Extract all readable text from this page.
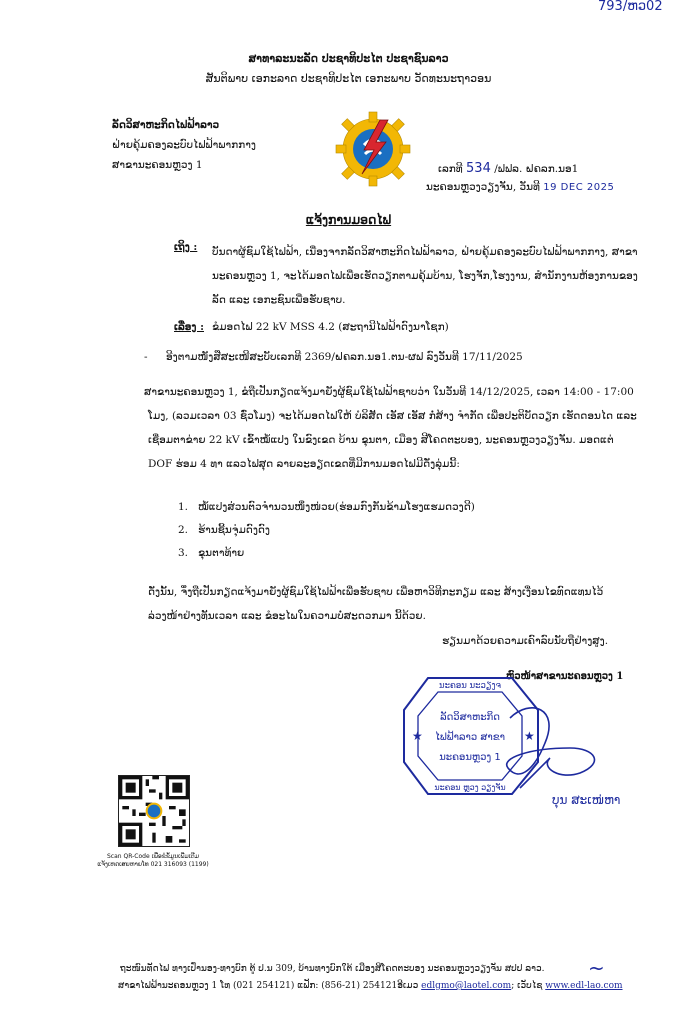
793/ຫວ02
ສາທາລະນະລັດ ປະຊາທິປະໄຕ ປະຊາຊົນລາວ
ສັນຕິພາບ ເອກະລາດ ປະຊາທິປະໄຕ ເອກະພາບ ວັດທະນະຖາວອນ
ລັດວິສາຫະກິດໄຟຟ້າລາວ
ຝ່າຍຄຸ້ມຄອງລະບົບໄຟຟ້າພາກກາງ
ສາຂານະຄອນຫຼວງ 1	ເລກທີ 534 /ຟຟລ. ຝຄລກ.ນອ1
ນະຄອນຫຼວງວຽງຈັນ, ວັນທີ 19 DEC 2025
ແຈ້ງການມອດໄຟ
ເຖິງ : ບັນດາຜູ້ຊົມໃຊ້ໄຟຟ້າ, ເນື່ອງຈາກລັດວິສາຫະກິດໄຟຟ້າລາວ, ຝ່າຍຄຸ້ມຄອງລະບົບໄຟຟ້າພາກກາງ, ສາຂານະຄອນຫຼວງ 1, ຈະໄດ້ມອດໄຟເພື່ອເຮັດວຽກຕາມຄຸ້ມບ້ານ, ໂຮງຈັກ,ໂຮງງານ, ສຳນັກງານຫ້ອງການຂອງລັດ ແລະ ເອກະຊົນເພື່ອຮັບຊາບ.
ເລື່ອງ : ຂໍມອດໄຟ 22 kV MSS 4.2 (ສະຖານີໄຟຟ້າດົງນາໂຊກ)
- ອີງຕາມໜັງສືສະເໜີສະບັບເລກທີ 2369/ຝຄລກ.ນອ1.ຕນ-ຜຟ ລົງວັນທີ 17/11/2025
ສາຂານະຄອນຫຼວງ 1, ຂໍຖືເປັນກຽດແຈ້ງມາຍັງຜູ້ຊົມໃຊ້ໄຟຟ້າຊາບວ່າ ໃນວັນທີ 14/12/2025, ເວລາ 14:00 - 17:00 ໂມງ, (ລວມເວລາ 03 ຊົ່ວໂມງ) ຈະໄດ້ມອດໄຟໃຫ້ ບໍລິສັດ ເອັສ ເອັສ ກໍ່ສ້າງ ຈຳກັດ ເພື່ອປະຕິບັດວຽກ ເຮັດດອນໄດ ແລະ ເຊື່ອມຕາຂ່າຍ 22 kV ເຂົ້າໝໍ້ແປງ ໃນຂົງເຂດ ບ້ານ ຂຸນຕາ, ເມືອງ ສີໂຄດຕະບອງ, ນະຄອນຫຼວງວຽງຈັນ. ມອດແຕ່ DOF ຮ່ອມ 4 ທາ ແລວໄຟສຸດ ລາຍລະອຽດເຂດທີ່ມີການມອດໄຟມີດັ່ງລຸ່ມນີ້:
1. ໝໍ້ແປງສ່ວນຕົວຈຳນວນໜຶ່ງໜ່ວຍ(ຮ່ອມກົງກັນຂ້າມໂຮງແຮມດວງດີ)
2. ຮ້ານຊີ້ນຈຸ່ມດົງດົງ
3. ຂຸນຕາທ້າຍ
ດັ່ງນັ້ນ, ຈຶ່ງຖືເປັນກຽດແຈ້ງມາຍັງຜູ້ຊົມໃຊ້ໄຟຟ້າເພື່ອຮັບຊາບ ເພື່ອຫາວິທີກະກຽມ ແລະ ສ້າງເງື່ອນໄຂທົດແທນໄວ້ລ່ວງໜ້າຢ່າງທັນເວລາ ແລະ ຂໍອະໄພໃນຄວາມບໍ່ສະດວກມາ ນີ້ດ້ວຍ.
ຮຽນມາດ້ວຍຄວາມເຄົາລົບນັບຖືຢ່າງສູງ.
ຫົວໜ້າສາຂານະຄອນຫຼວງ 1
ນະຄອນ ນະວຽງຈ
ລັດວິສາຫະກິດ
ໄຟຟ້າລາວ ສາຂາ
ນະຄອນຫຼວງ 1
ນະຄອນ ຫຼວງ ວຽງຈັນ
★	★
ບຸນ ສະເໜ່ຫາ
Scan QR-Code ເພື່ອຂໍຂໍ້ມູນເພີ່ມເຕີມ
ແຈ້ງເຫດເສຍຫາຍໂທ 021 316093 (1199)
ຖະໜົນທັດໄຟ ທາງເປົ່ານອງ-ທາງບົກ ຕູ້ ປ.ນ 309, ບ້ານທາງບົກໃຕ້ ເມືອງສີໂຄດຕະບອງ ນະຄອນຫຼວງວຽງຈັນ ສປປ ລາວ.
ສາຂາໄຟຟ້ານະຄອນຫຼວງ 1 ໂທ (021 254121) ແຟັກ: (856-21) 254121ອີເມວ edlgmo@laotel.com; ເວັບໄຊ www.edl-lao.com
~
